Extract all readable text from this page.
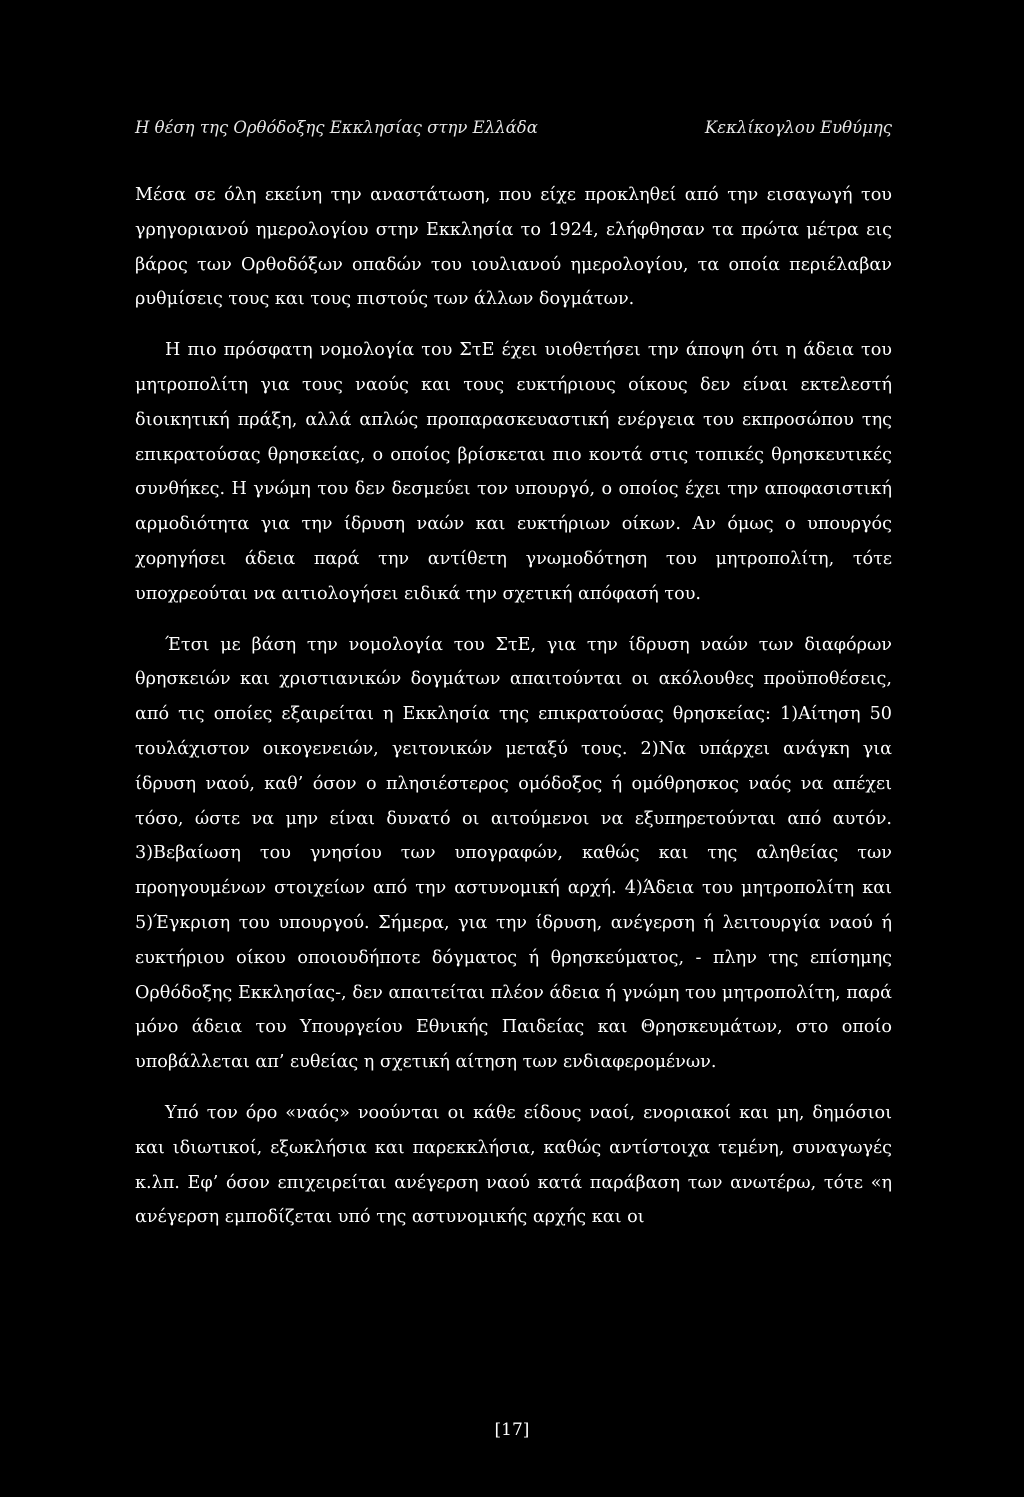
Η θέση της Ορθόδοξης Εκκλησίας στην Ελλάδα	Κεκλίκογλου Ευθύμης

Μέσα σε όλη εκείνη την αναστάτωση, που είχε προκληθεί από την εισαγωγή του γρηγοριανού ημερολογίου στην Εκκλησία το 1924, ελήφθησαν τα πρώτα μέτρα εις βάρος των Ορθοδόξων οπαδών του ιουλιανού ημερολογίου, τα οποία περιέλαβαν ρυθμίσεις τους και τους πιστούς των άλλων δογμάτων.

Η πιο πρόσφατη νομολογία του ΣτΕ έχει υιοθετήσει την άποψη ότι η άδεια του μητροπολίτη για τους ναούς και τους ευκτήριους οίκους δεν είναι εκτελεστή διοικητική πράξη, αλλά απλώς προπαρασκευαστική ενέργεια του εκπροσώπου της επικρατούσας θρησκείας, ο οποίος βρίσκεται πιο κοντά στις τοπικές θρησκευτικές συνθήκες. Η γνώμη του δεν δεσμεύει τον υπουργό, ο οποίος έχει την αποφασιστική αρμοδιότητα για την ίδρυση ναών και ευκτήριων οίκων. Αν όμως ο υπουργός χορηγήσει άδεια παρά την αντίθετη γνωμοδότηση του μητροπολίτη, τότε υποχρεούται να αιτιολογήσει ειδικά την σχετική απόφασή του.

Έτσι με βάση την νομολογία του ΣτΕ, για την ίδρυση ναών των διαφόρων θρησκειών και χριστιανικών δογμάτων απαιτούνται οι ακόλουθες προϋποθέσεις, από τις οποίες εξαιρείται η Εκκλησία της επικρατούσας θρησκείας: 1)Αίτηση 50 τουλάχιστον οικογενειών, γειτονικών μεταξύ τους. 2)Να υπάρχει ανάγκη για ίδρυση ναού, καθ’ όσον ο πλησιέστερος ομόδοξος ή ομόθρησκος ναός να απέχει τόσο, ώστε να μην είναι δυνατό οι αιτούμενοι να εξυπηρετούνται από αυτόν. 3)Βεβαίωση του γνησίου των υπογραφών, καθώς και της αληθείας των προηγουμένων στοιχείων από την αστυνομική αρχή. 4)Άδεια του μητροπολίτη και 5)Έγκριση του υπουργού. Σήμερα, για την ίδρυση, ανέγερση ή λειτουργία ναού ή ευκτήριου οίκου οποιουδήποτε δόγματος ή θρησκεύματος, - πλην της επίσημης Ορθόδοξης Εκκλησίας-, δεν απαιτείται πλέον άδεια ή γνώμη του μητροπολίτη, παρά μόνο άδεια του Υπουργείου Εθνικής Παιδείας και Θρησκευμάτων, στο οποίο υποβάλλεται απ’ ευθείας η σχετική αίτηση των ενδιαφερομένων.

Υπό τον όρο «ναός» νοούνται οι κάθε είδους ναοί, ενοριακοί και μη, δημόσιοι και ιδιωτικοί, εξωκλήσια και παρεκκλήσια, καθώς αντίστοιχα τεμένη, συναγωγές κ.λπ. Εφ’ όσον επιχειρείται ανέγερση ναού κατά παράβαση των ανωτέρω, τότε «η ανέγερση εμποδίζεται υπό της αστυνομικής αρχής και οι

[17]
